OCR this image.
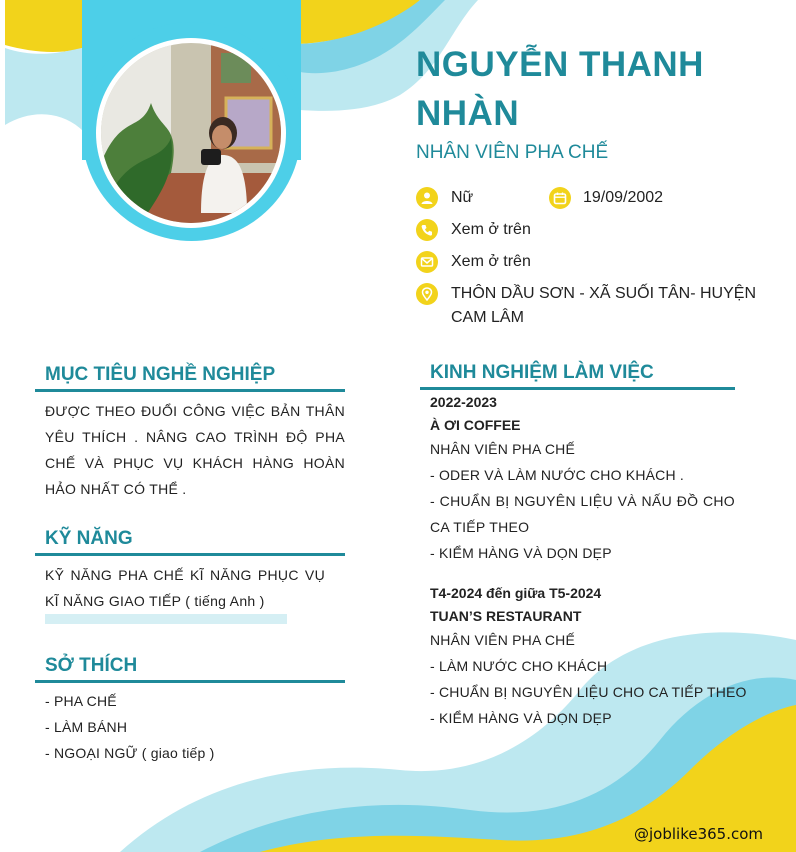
NGUYỄN THANH NHÀN
NHÂN VIÊN PHA CHẾ
Nữ	19/09/2002
Xem ở trên
Xem ở trên
THÔN DẦU SƠN - XÃ SUỐI TÂN- HUYỆN
CAM LÂM
MỤC TIÊU NGHỀ NGHIỆP
ĐƯỢC THEO ĐUỔI CÔNG VIỆC BẢN THÂN YÊU THÍCH . NÂNG CAO TRÌNH ĐỘ PHA CHẾ VÀ PHỤC VỤ KHÁCH HÀNG HOÀN HẢO NHẤT CÓ THỂ .
KỸ NĂNG
KỸ NĂNG PHA CHẾ KĨ NĂNG PHỤC VỤ KĨ NĂNG GIAO TIẾP ( tiếng Anh )
SỞ THÍCH
- PHA CHẾ
- LÀM BÁNH
- NGOẠI NGỮ ( giao tiếp )
KINH NGHIỆM LÀM VIỆC
2022-2023
À ƠI COFFEE
NHÂN VIÊN PHA CHẾ
- ODER VÀ LÀM NƯỚC CHO KHÁCH .
- CHUẨN BỊ NGUYÊN LIỆU VÀ NẤU ĐỒ CHO CA TIẾP THEO
- KIỂM HÀNG VÀ DỌN DẸP
T4-2024 đến giữa T5-2024
TUAN’S RESTAURANT
NHÂN VIÊN PHA CHẾ
- LÀM NƯỚC CHO KHÁCH
- CHUẨN BỊ NGUYÊN LIỆU CHO CA TIẾP THEO
- KIỂM HÀNG VÀ DỌN DẸP
@joblike365.com
